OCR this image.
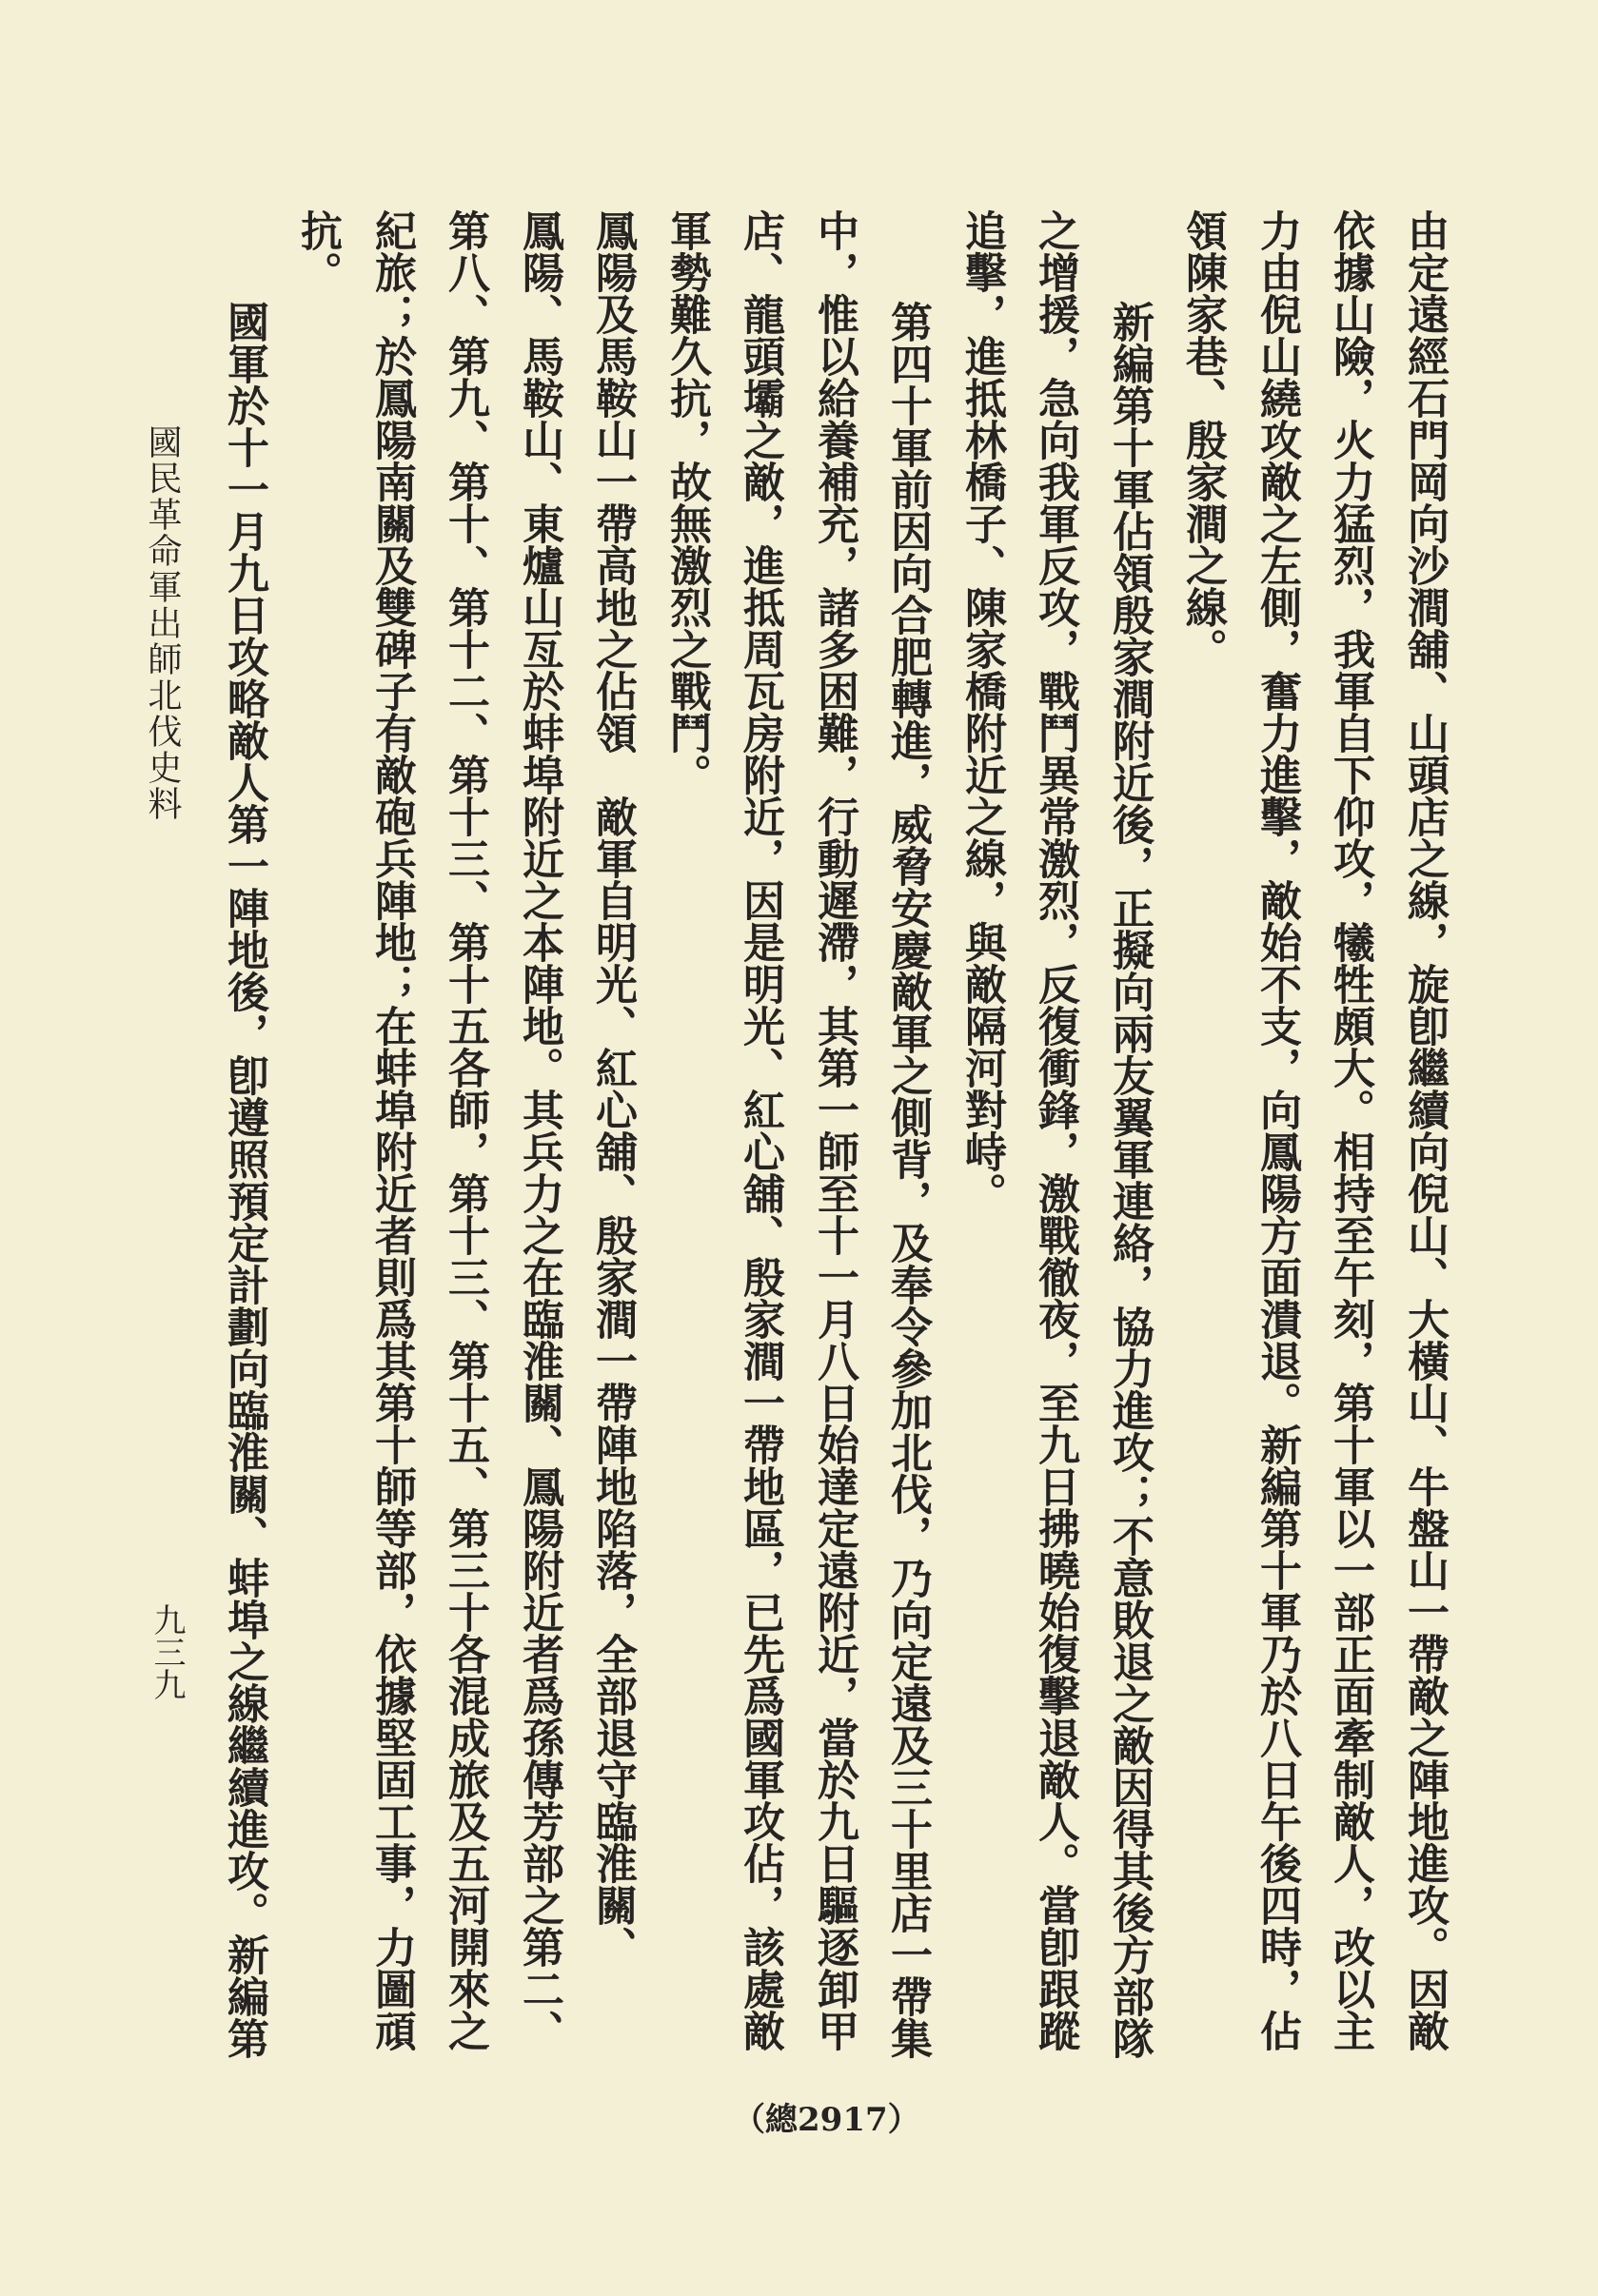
由定遠經石門岡向沙澗舖、山頭店之線，旋卽繼續向倪山、大橫山、牛盤山一帶敵之陣地進攻。因敵
依據山險，火力猛烈，我軍自下仰攻，犧牲頗大。相持至午刻，第十軍以一部正面牽制敵人，改以主
力由倪山繞攻敵之左側，奮力進擊，敵始不支，向鳳陽方面潰退。新編第十軍乃於八日午後四時，佔
領陳家巷、殷家澗之線。
新編第十軍佔領殷家澗附近後，正擬向兩友翼軍連絡，協力進攻；不意敗退之敵因得其後方部隊
之增援，急向我軍反攻，戰鬥異常激烈，反復衝鋒，激戰徹夜，至九日拂曉始復擊退敵人。當卽跟蹤
追擊，進抵林橋子、陳家橋附近之線，與敵隔河對峙。
第四十軍前因向合肥轉進，威脅安慶敵軍之側背，及奉令參加北伐，乃向定遠及三十里店一帶集
中，惟以給養補充，諸多困難，行動遲滯，其第一師至十一月八日始達定遠附近，當於九日驅逐卸甲
店、龍頭壩之敵，進抵周瓦房附近，因是明光、紅心舖、殷家澗一帶地區，已先爲國軍攻佔，該處敵
軍勢難久抗，故無激烈之戰鬥。
鳳陽及馬鞍山一帶高地之佔領敵軍自明光、紅心舖、殷家澗一帶陣地陷落，全部退守臨淮關、
鳳陽、馬鞍山、東爐山亙於蚌埠附近之本陣地。其兵力之在臨淮關、鳳陽附近者爲孫傳芳部之第二、
第八、第九、第十、第十二、第十三、第十五各師，第十三、第十五、第三十各混成旅及五河開來之
紀旅；於鳳陽南關及雙碑子有敵砲兵陣地；在蚌埠附近者則爲其第十師等部，依據堅固工事，力圖頑
抗。
國軍於十一月九日攻略敵人第一陣地後，卽遵照預定計劃向臨淮關、蚌埠之線繼續進攻。新編第
國民革命軍出師北伐史料
九三九
（總2917）
